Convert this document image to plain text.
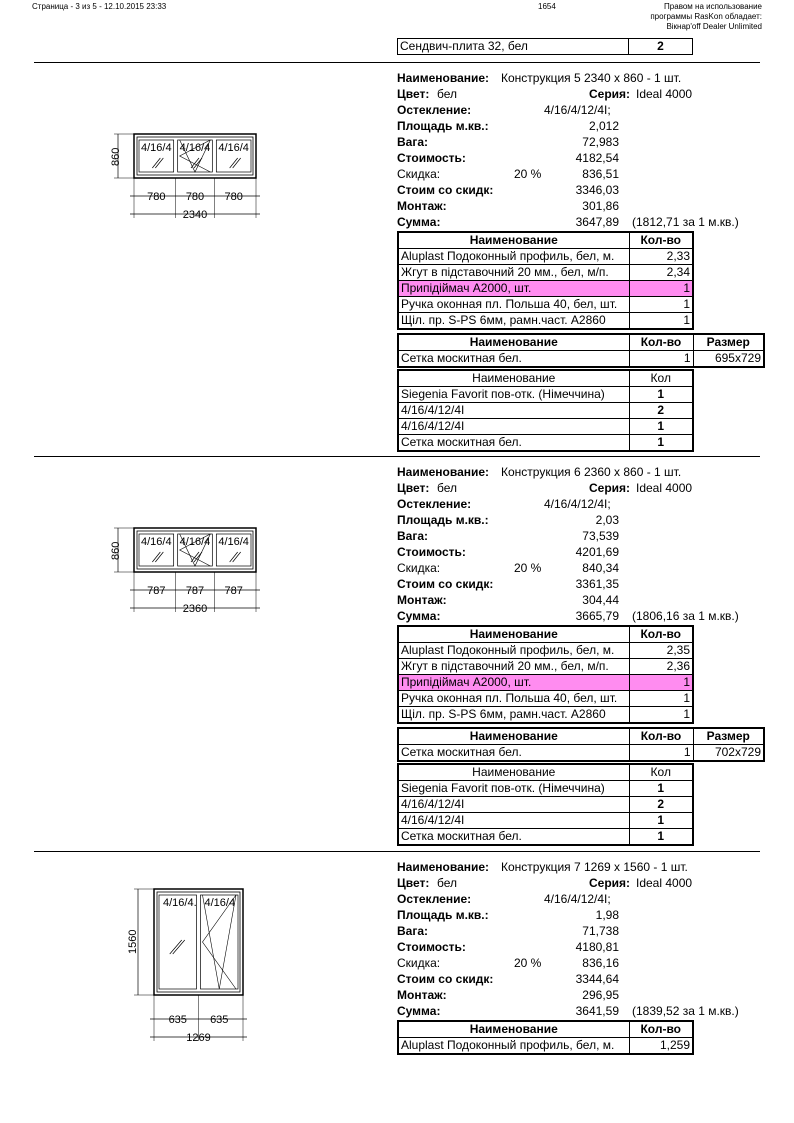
Страница - 3 из 5 - 12.10.2015 23:33	1654	Правом на использование
программы RasKon обладает:
Вікнар'off Dealer Unlimited
Сендвич-плита 32, бел	2
Наименование: Конструкция 5 2340 x 860 - 1 шт.
Цвет: бел	Серия: Ideal 4000
Остекление:	4/16/4/12/4І;
Площадь м.кв.:	2,012
Вага:	72,983
Стоимость:	4182,54
Скидка:	20 %	836,51
Стоим со скидк:	3346,03
Монтаж:	301,86
Сумма:	3647,89 (1812,71 за 1 м.кв.)
Наименование	Кол-во
Aluplast Подоконный профиль, бел, м.	2,33
Жгут в підставочний 20 мм., бел, м/п.	2,34
Припідіймач А2000, шт.	1
Ручка оконная пл. Польша 40, бел, шт.	1
Щіл. пр. S-PS 6мм, рамн.част. А2860	1
Наименование	Кол-во	Размер
Сетка москитная бел.	1	695x729
Наименование	Кол
Siegenia Favorit пов-отк. (Німеччина)	1
4/16/4/12/4І	2
4/16/4/12/4І	1
Сетка москитная бел.	1
4/16/4 4/16/4 4/16/4
860
780 780 780
2340
Наименование: Конструкция 6 2360 x 860 - 1 шт.
Цвет: бел	Серия: Ideal 4000
Остекление:	4/16/4/12/4І;
Площадь м.кв.:	2,03
Вага:	73,539
Стоимость:	4201,69
Скидка:	20 %	840,34
Стоим со скидк:	3361,35
Монтаж:	304,44
Сумма:	3665,79 (1806,16 за 1 м.кв.)
Наименование	Кол-во
Aluplast Подоконный профиль, бел, м.	2,35
Жгут в підставочний 20 мм., бел, м/п.	2,36
Припідіймач А2000, шт.	1
Ручка оконная пл. Польша 40, бел, шт.	1
Щіл. пр. S-PS 6мм, рамн.част. А2860	1
Наименование	Кол-во	Размер
Сетка москитная бел.	1	702x729
Наименование	Кол
Siegenia Favorit пов-отк. (Німеччина)	1
4/16/4/12/4І	2
4/16/4/12/4І	1
Сетка москитная бел.	1
4/16/4 4/16/4 4/16/4
860
787 787 787
2360
Наименование: Конструкция 7 1269 x 1560 - 1 шт.
Цвет: бел	Серия: Ideal 4000
Остекление:	4/16/4/12/4І;
Площадь м.кв.:	1,98
Вага:	71,738
Стоимость:	4180,81
Скидка:	20 %	836,16
Стоим со скидк:	3344,64
Монтаж:	296,95
Сумма:	3641,59 (1839,52 за 1 м.кв.)
Наименование	Кол-во
Aluplast Подоконный профиль, бел, м.	1,259
4/16/4. 4/16/4
1560
635 635
1269
